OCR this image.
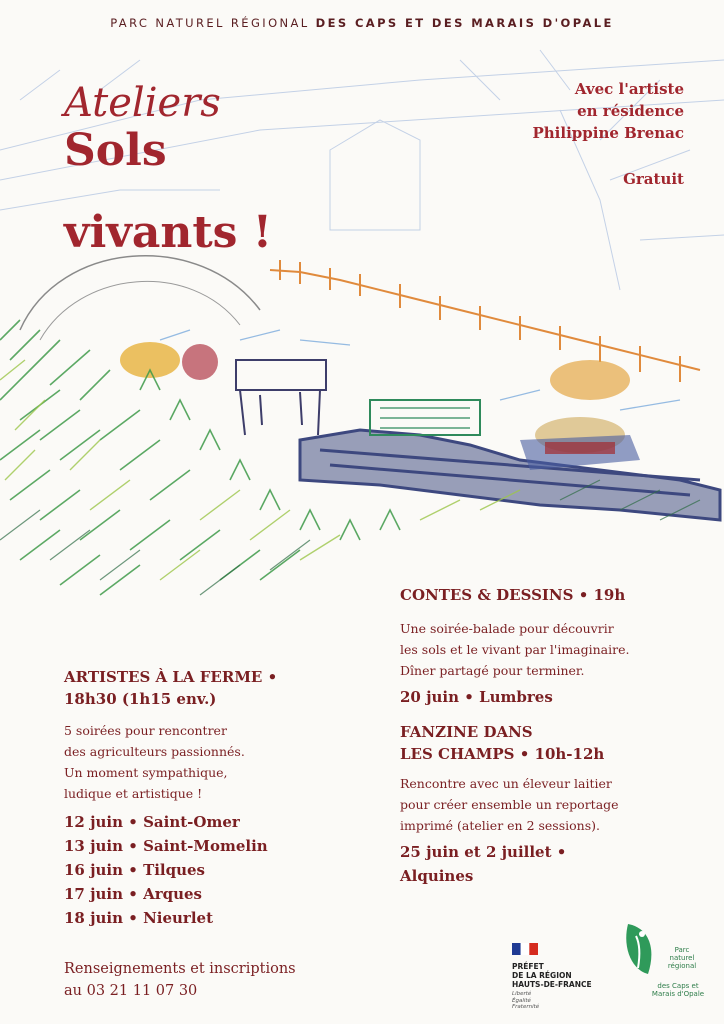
PARC NATUREL RÉGIONAL DES CAPS ET DES MARAIS D'OPALE
Ateliers
Sols
vivants !
Avec l'artiste
en résidence
Philippine Brenac
Gratuit
CONTES & DESSINS • 19h
Une soirée-balade pour découvrir
les sols et le vivant par l'imaginaire.
Dîner partagé pour terminer.
20 juin • Lumbres
FANZINE DANS
LES CHAMPS • 10h-12h
Rencontre avec un éleveur laitier
pour créer ensemble un reportage
imprimé (atelier en 2 sessions).
25 juin et 2 juillet •
Alquines
ARTISTES À LA FERME •
18h30 (1h15 env.)
5 soirées pour rencontrer
des agriculteurs passionnés.
Un moment sympathique,
ludique et artistique !
12 juin • Saint-Omer
13 juin • Saint-Momelin
16 juin • Tilques
17 juin • Arques
18 juin • Nieurlet
Renseignements et inscriptions
au 03 21 11 07 30
PRÉFET
DE LA RÉGION
HAUTS-DE-FRANCE
Liberté
Égalité
Fraternité
Parc
naturel
régional
des Caps et
Marais d'Opale
